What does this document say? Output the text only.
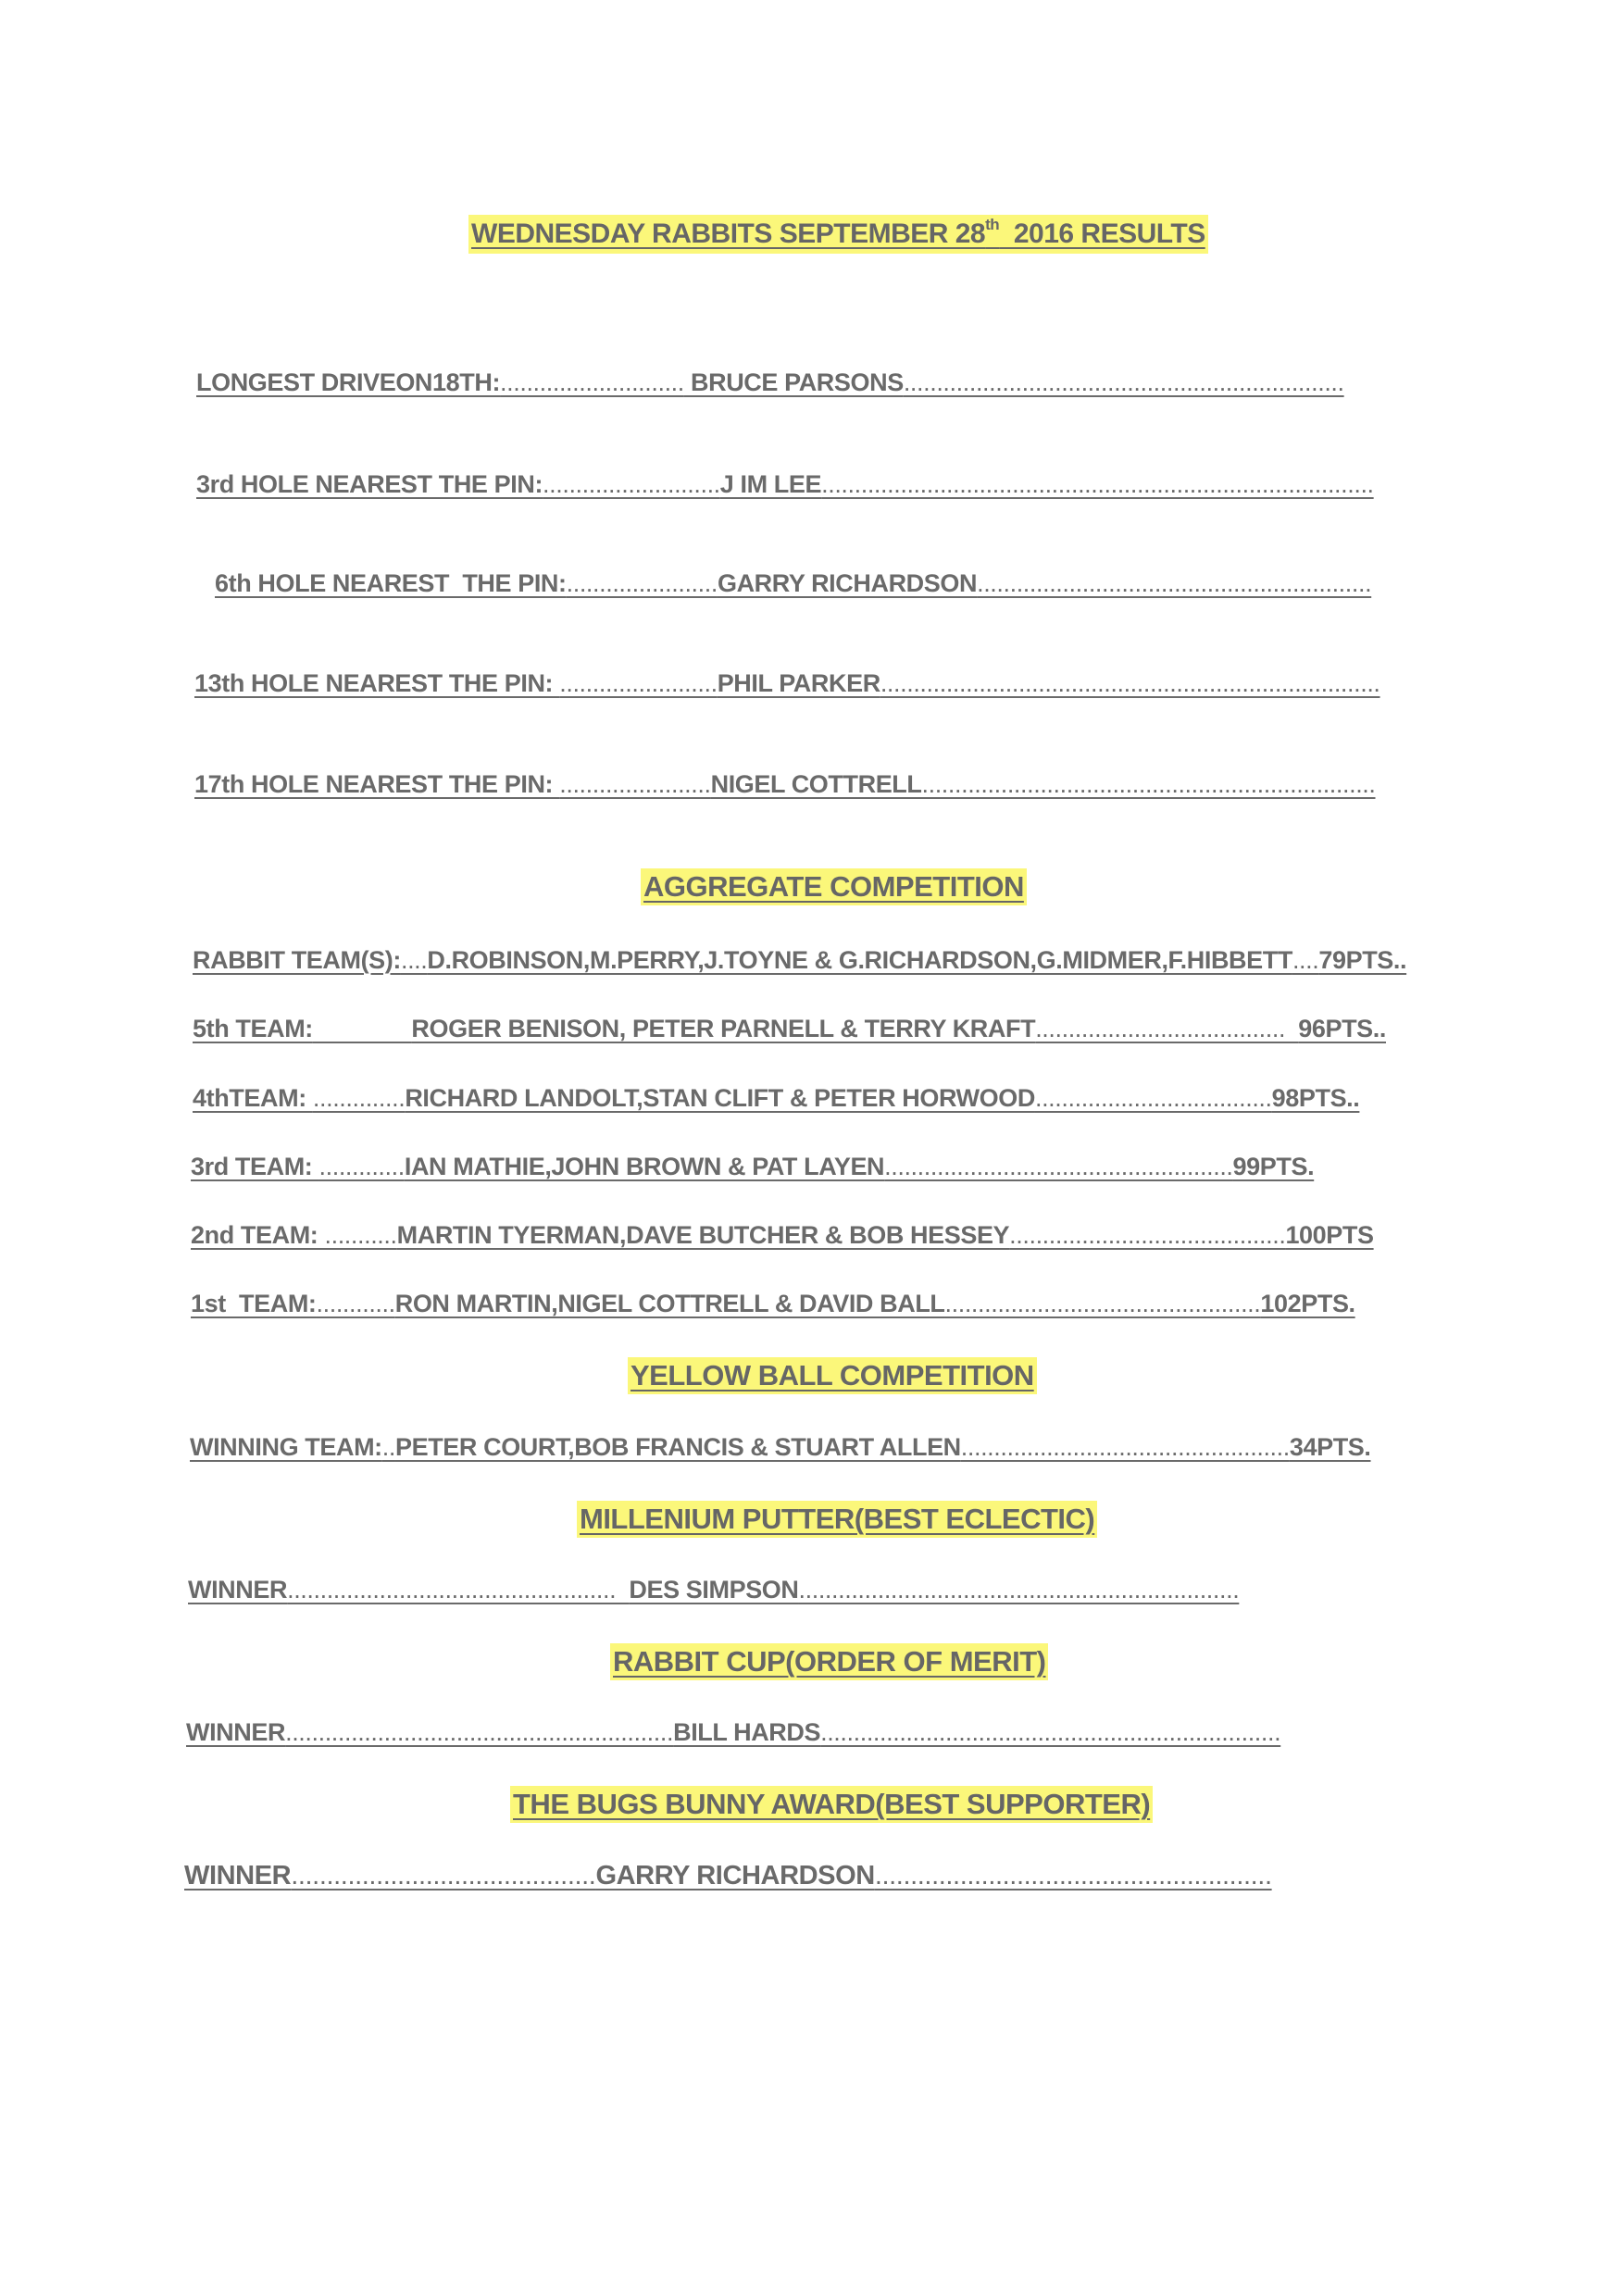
WEDNESDAY RABBITS SEPTEMBER 28th  2016 RESULTS
LONGEST DRIVEON18TH:............................ BRUCE PARSONS...................................................................
3rd HOLE NEAREST THE PIN:...........................J IM LEE....................................................................................
6th HOLE NEAREST  THE PIN:.......................GARRY RICHARDSON............................................................
13th HOLE NEAREST THE PIN: ........................PHIL PARKER............................................................................
17th HOLE NEAREST THE PIN: .......................NIGEL COTTRELL.....................................................................
AGGREGATE COMPETITION
RABBIT TEAM(S):....D.ROBINSON,M.PERRY,J.TOYNE & G.RICHARDSON,G.MIDMER,F.HIBBETT....79PTS..
5th TEAM:	ROGER BENISON, PETER PARNELL & TERRY KRAFT......................................  96PTS..
4thTEAM: ..............RICHARD LANDOLT,STAN CLIFT & PETER HORWOOD....................................98PTS..
3rd TEAM: .............IAN MATHIE,JOHN BROWN & PAT LAYEN.....................................................99PTS.
2nd TEAM: ...........MARTIN TYERMAN,DAVE BUTCHER & BOB HESSEY..........................................100PTS
1st  TEAM:............RON MARTIN,NIGEL COTTRELL & DAVID BALL................................................102PTS.
YELLOW BALL COMPETITION
WINNING TEAM:..PETER COURT,BOB FRANCIS & STUART ALLEN..................................................34PTS.
MILLENIUM PUTTER(BEST ECLECTIC)
WINNER..................................................  DES SIMPSON...................................................................
RABBIT CUP(ORDER OF MERIT)
WINNER...........................................................BILL HARDS......................................................................
THE BUGS BUNNY AWARD(BEST SUPPORTER)
WINNER...........................................GARRY RICHARDSON........................................................
